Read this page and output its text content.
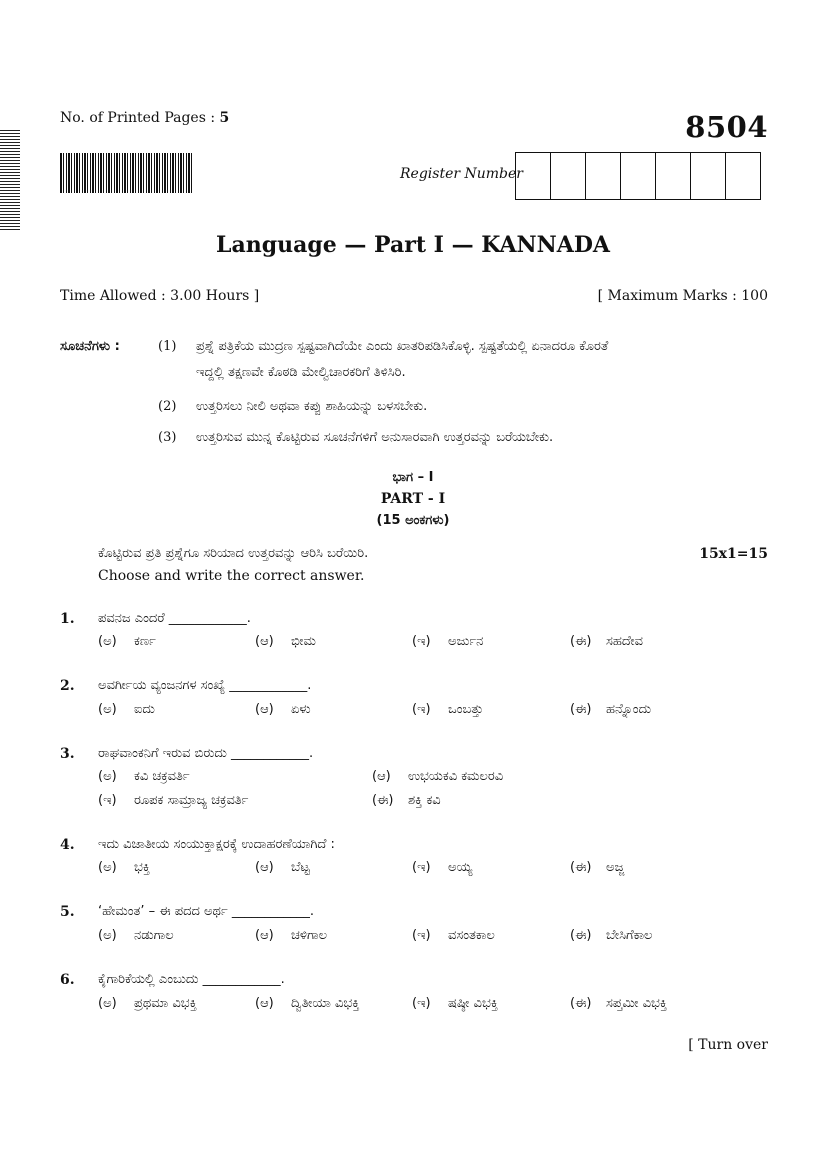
No. of Printed Pages : 5	8504
Register Number
Language — Part I — KANNADA
Time Allowed : 3.00 Hours ]	[ Maximum Marks : 100
ಸೂಚನೆಗಳು :	(1) ಪ್ರಶ್ನೆ ಪತ್ರಿಕೆಯ ಮುದ್ರಣ ಸ್ಪಷ್ಟವಾಗಿದೆಯೇ ಎಂದು ಖಾತರಿಪಡಿಸಿಕೊಳ್ಳಿ. ಸ್ಪಷ್ಟತೆಯಲ್ಲಿ ಏನಾದರೂ ಕೊರತೆ
ಇದ್ದಲ್ಲಿ ತಕ್ಷಣವೇ ಕೊಠಡಿ ಮೇಲ್ವಿಚಾರಕರಿಗೆ ತಿಳಿಸಿರಿ.
(2) ಉತ್ತರಿಸಲು ನೀಲಿ ಅಥವಾ ಕಪ್ಪು ಶಾಹಿಯನ್ನು ಬಳಸಬೇಕು.
(3) ಉತ್ತರಿಸುವ ಮುನ್ನ ಕೊಟ್ಟಿರುವ ಸೂಚನೆಗಳಿಗೆ ಅನುಸಾರವಾಗಿ ಉತ್ತರವನ್ನು ಬರೆಯಬೇಕು.
ಭಾಗ – I
PART - I
(15 ಅಂಕಗಳು)
ಕೊಟ್ಟಿರುವ ಪ್ರತಿ ಪ್ರಶ್ನೆಗೂ ಸರಿಯಾದ ಉತ್ತರವನ್ನು ಆರಿಸಿ ಬರೆಯಿರಿ.
Choose and write the correct answer.
15x1=15
1. ಪವನಜ ಎಂದರೆ ____________.
(ಅ)	ಕರ್ಣ	(ಆ)	ಭೀಮ	(ಇ)	ಅರ್ಜುನ	(ಈ)	ಸಹದೇವ
2. ಅವರ್ಗೀಯ ವ್ಯಂಜನಗಳ ಸಂಖ್ಯೆ ____________.
(ಅ)	ಐದು	(ಆ)	ಏಳು	(ಇ)	ಒಂಬತ್ತು	(ಈ)	ಹನ್ನೊಂದು
3. ರಾಘವಾಂಕನಿಗೆ ಇರುವ ಬಿರುದು ____________.
(ಅ)	ಕವಿ ಚಕ್ರವರ್ತಿ	(ಆ)	ಉಭಯಕವಿ ಕಮಲರವಿ
(ಇ)	ರೂಪಕ ಸಾಮ್ರಾಜ್ಯ ಚಕ್ರವರ್ತಿ	(ಈ)	ಶಕ್ತಿ ಕವಿ
4. ಇದು ವಿಜಾತೀಯ ಸಂಯುಕ್ತಾಕ್ಷರಕ್ಕೆ ಉದಾಹರಣೆಯಾಗಿದೆ :
(ಅ)	ಭಕ್ತಿ	(ಆ)	ಬೆಟ್ಟ	(ಇ)	ಅಯ್ಯ	(ಈ)	ಅಜ್ಜ
5. ‘ಹೇಮಂತ’ – ಈ ಪದದ ಅರ್ಥ ____________.
(ಅ)	ನಡುಗಾಲ	(ಆ)	ಚಳಿಗಾಲ	(ಇ)	ವಸಂತಕಾಲ	(ಈ)	ಬೇಸಿಗೆಕಾಲ
6. ಕೈಗಾರಿಕೆಯಲ್ಲಿ ಎಂಬುದು ____________.
(ಅ)	ಪ್ರಥಮಾ ವಿಭಕ್ತಿ	(ಆ)	ದ್ವಿತೀಯಾ ವಿಭಕ್ತಿ	(ಇ)	ಷಷ್ಠೀ ವಿಭಕ್ತಿ	(ಈ)	ಸಪ್ತಮೀ ವಿಭಕ್ತಿ
[ Turn over
